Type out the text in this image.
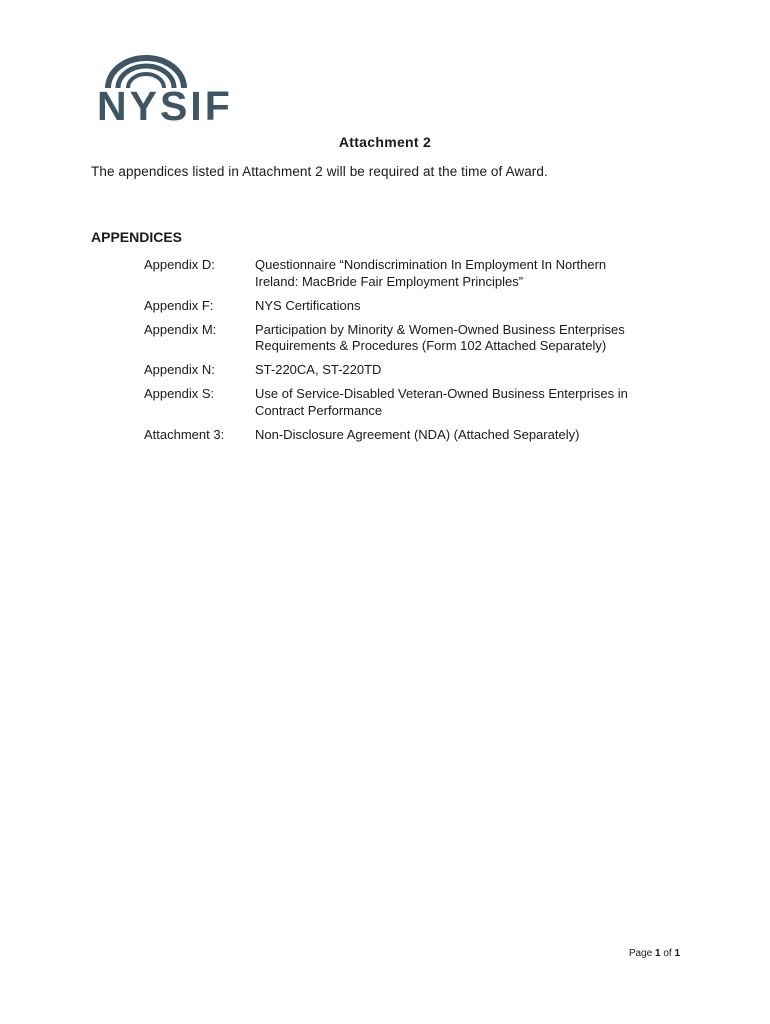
NYSIF
Attachment 2
The appendices listed in Attachment 2 will be required at the time of Award.
APPENDICES
Appendix D:	Questionnaire “Nondiscrimination In Employment In Northern
Ireland: MacBride Fair Employment Principles”
Appendix F:	NYS Certifications
Appendix M:	Participation by Minority & Women-Owned Business Enterprises
Requirements & Procedures (Form 102 Attached Separately)
Appendix N:	ST-220CA, ST-220TD
Appendix S:	Use of Service-Disabled Veteran-Owned Business Enterprises in
Contract Performance
Attachment 3:	Non-Disclosure Agreement (NDA) (Attached Separately)
Page 1 of 1
